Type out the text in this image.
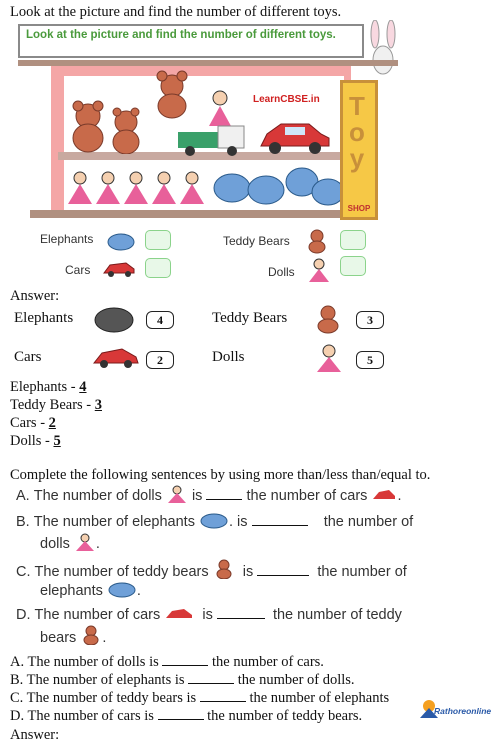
Look at the picture and find the number of different toys.
Look at the picture and find the number of different toys.
LearnCBSE.in Toy
SHOP
Elephants	Teddy Bears
Cars	Dolls
Answer:
Elephants	4	Teddy Bears	3
Cars	2	Dolls	5
Elephants - 4
Teddy Bears - 3
Cars - 2
Dolls - 5
Complete the following sentences by using more than/less than/equal to.
A. The number of dolls is	the number of cars .
B. The number of elephants . is	the number of
dolls .
C. The number of teddy bears is	the number of
elephants .
D. The number of cars	is	the number of teddy
bears .
A. The number of dolls is	the number of cars.
B. The number of elephants is	the number of dolls.
C. The number of teddy bears is	the number of elephants
D. The number of cars is	the number of teddy bears.	Rathoreonline
Answer:
